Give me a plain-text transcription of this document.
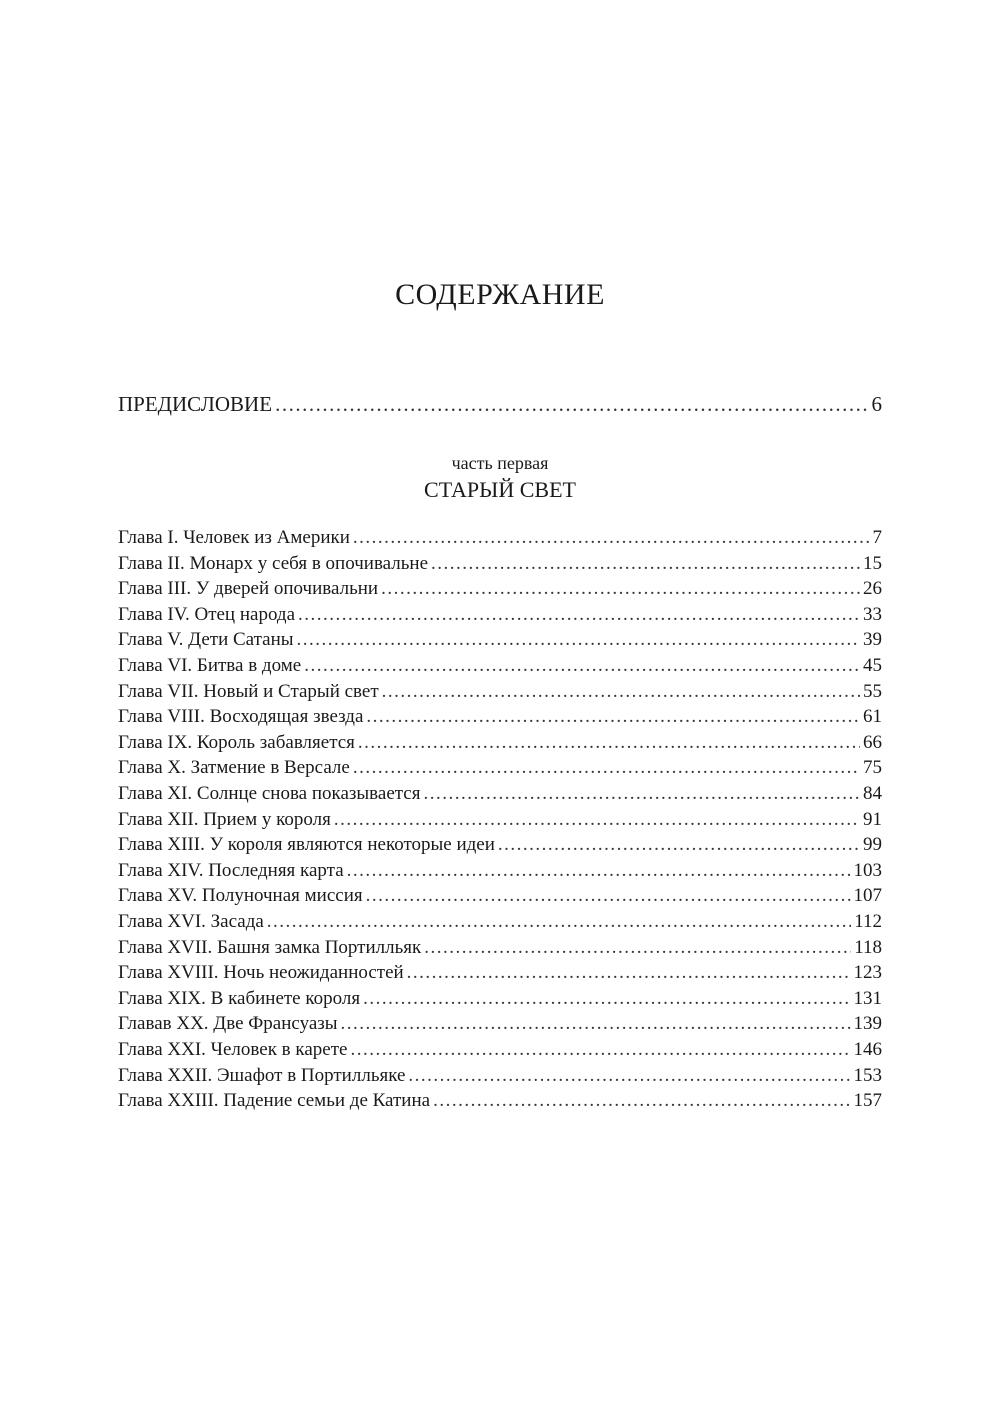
СОДЕРЖАНИЕ
ПРЕДИСЛОВИЕ .....	6
часть первая
СТАРЫЙ СВЕТ
Глава I. Человек из Америки .....	7
Глава II. Монарх у себя в опочивальне .....	15
Глава III. У дверей опочивальни .....	26
Глава IV. Отец народа .....	33
Глава V. Дети Сатаны .....	39
Глава VI. Битва в доме .....	45
Глава VII. Новый и Старый свет .....	55
Глава VIII. Восходящая звезда .....	61
Глава IX. Король забавляется .....	66
Глава X. Затмение в Версале .....	75
Глава XI. Солнце снова показывается .....	84
Глава XII. Прием у короля .....	91
Глава XIII. У короля являются некоторые идеи .....	99
Глава XIV. Последняя карта .....	103
Глава XV. Полуночная миссия .....	107
Глава XVI. Засада .....	112
Глава XVII. Башня замка Портилльяк .....	118
Глава XVIII. Ночь неожиданностей .....	123
Глава XIX. В кабинете короля .....	131
Главав XX. Две Франсуазы .....	139
Глава XXI. Человек в карете .....	146
Глава XXII. Эшафот в Портилльяке .....	153
Глава XXIII. Падение семьи де Катина .....	157
